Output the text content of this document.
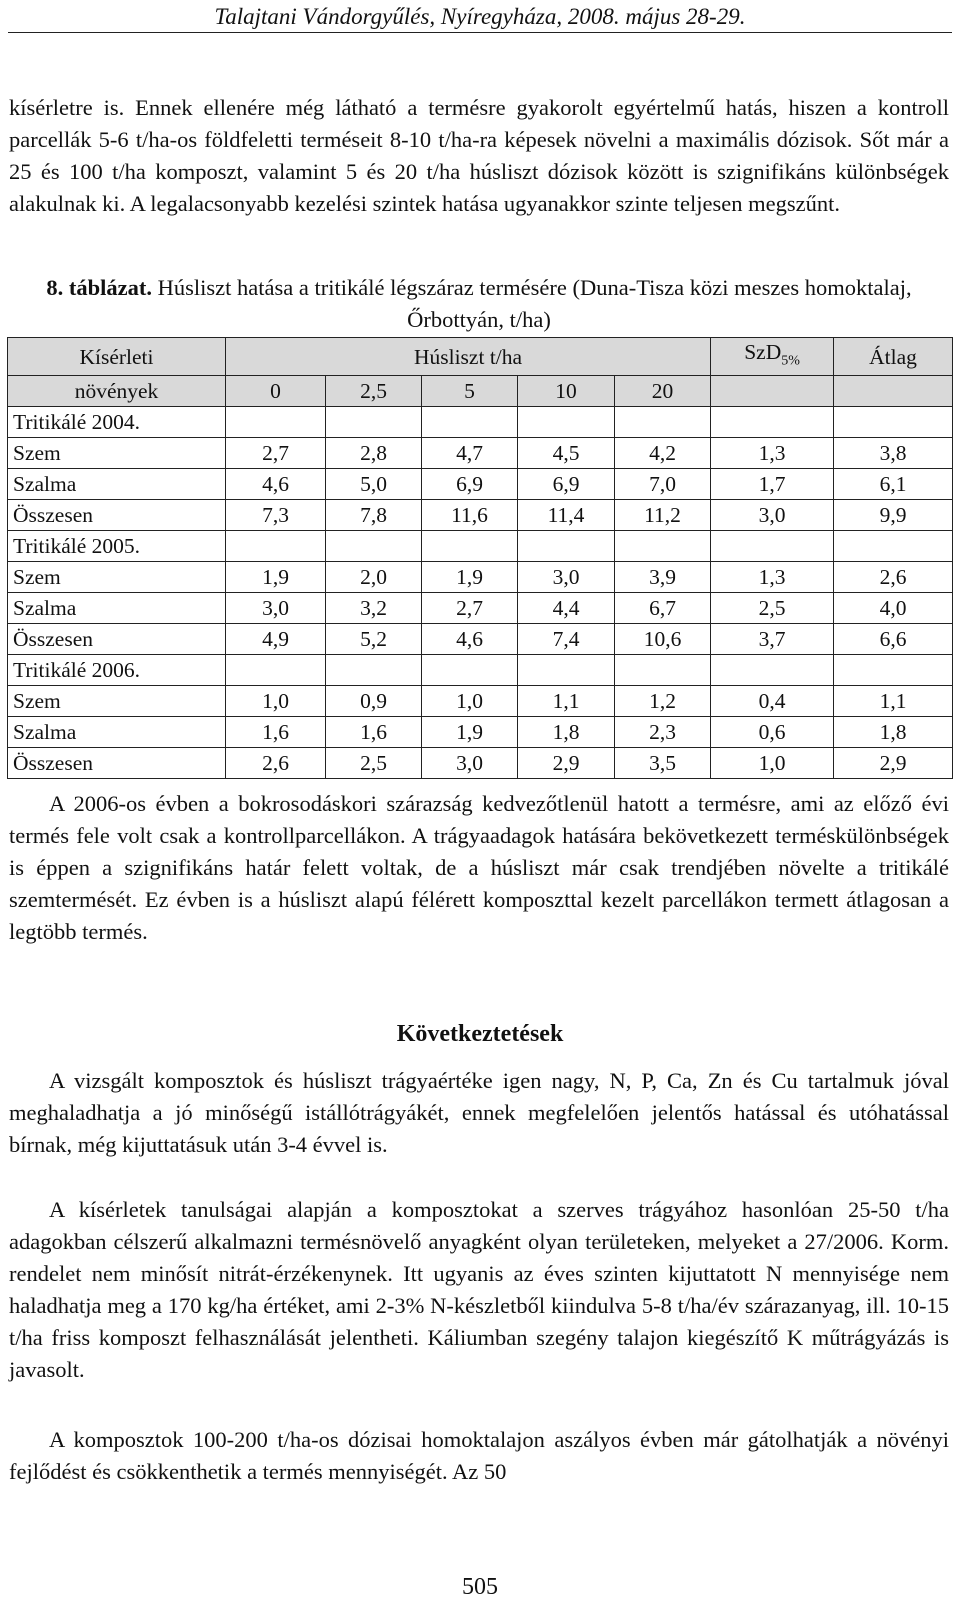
Talajtani Vándorgyűlés, Nyíregyháza, 2008. május 28-29.
kísérletre is. Ennek ellenére még látható a termésre gyakorolt egyértelmű hatás, hiszen a kontroll parcellák 5-6 t/ha-os földfeletti terméseit 8-10 t/ha-ra képesek növelni a maximális dózisok. Sőt már a 25 és 100 t/ha komposzt, valamint 5 és 20 t/ha húsliszt dózisok között is szignifikáns különbségek alakulnak ki. A legalacsonyabb kezelési szintek hatása ugyanakkor szinte teljesen megszűnt.
8. táblázat. Húsliszt hatása a tritikálé légszáraz termésére (Duna-Tisza közi meszes homoktalaj, Őrbottyán, t/ha)
Kísérleti	Húsliszt t/ha					SzD$_{5\%}$	Átlag
növények	0	2,5	5	10	20		
Tritikálé 2004.							
Szem	2,7	2,8	4,7	4,5	4,2	1,3	3,8
Szalma	4,6	5,0	6,9	6,9	7,0	1,7	6,1
Összesen	7,3	7,8	11,6	11,4	11,2	3,0	9,9
Tritikálé 2005.							
Szem	1,9	2,0	1,9	3,0	3,9	1,3	2,6
Szalma	3,0	3,2	2,7	4,4	6,7	2,5	4,0
Összesen	4,9	5,2	4,6	7,4	10,6	3,7	6,6
Tritikálé 2006.							
Szem	1,0	0,9	1,0	1,1	1,2	0,4	1,1
Szalma	1,6	1,6	1,9	1,8	2,3	0,6	1,8
Összesen	2,6	2,5	3,0	2,9	3,5	1,0	2,9
A 2006-os évben a bokrosodáskori szárazság kedvezőtlenül hatott a termésre, ami az előző évi termés fele volt csak a kontrollparcellákon. A trágyaadagok hatására bekövetkezett terméskülönbségek is éppen a szignifikáns határ felett voltak, de a húsliszt már csak trendjében növelte a tritikálé szemtermését. Ez évben is a húsliszt alapú félérett komposzttal kezelt parcellákon termett átlagosan a legtöbb termés.
Következtetések
A vizsgált komposztok és húsliszt trágyaértéke igen nagy, N, P, Ca, Zn és Cu tartalmuk jóval meghaladhatja a jó minőségű istállótrágyákét, ennek megfelelően jelentős hatással és utóhatással bírnak, még kijuttatásuk után 3-4 évvel is.
A kísérletek tanulságai alapján a komposztokat a szerves trágyához hasonlóan 25-50 t/ha adagokban célszerű alkalmazni termésnövelő anyagként olyan területeken, melyeket a 27/2006. Korm. rendelet nem minősít nitrát-érzékenynek. Itt ugyanis az éves szinten kijuttatott N mennyisége nem haladhatja meg a 170 kg/ha értéket, ami 2-3% N-készletből kiindulva 5-8 t/ha/év szárazanyag, ill. 10-15 t/ha friss komposzt felhasználását jelentheti. Káliumban szegény talajon kiegészítő K műtrágyázás is javasolt.
A komposztok 100-200 t/ha-os dózisai homoktalajon aszályos évben már gátolhatják a növényi fejlődést és csökkenthetik a termés mennyiségét. Az 50
505
